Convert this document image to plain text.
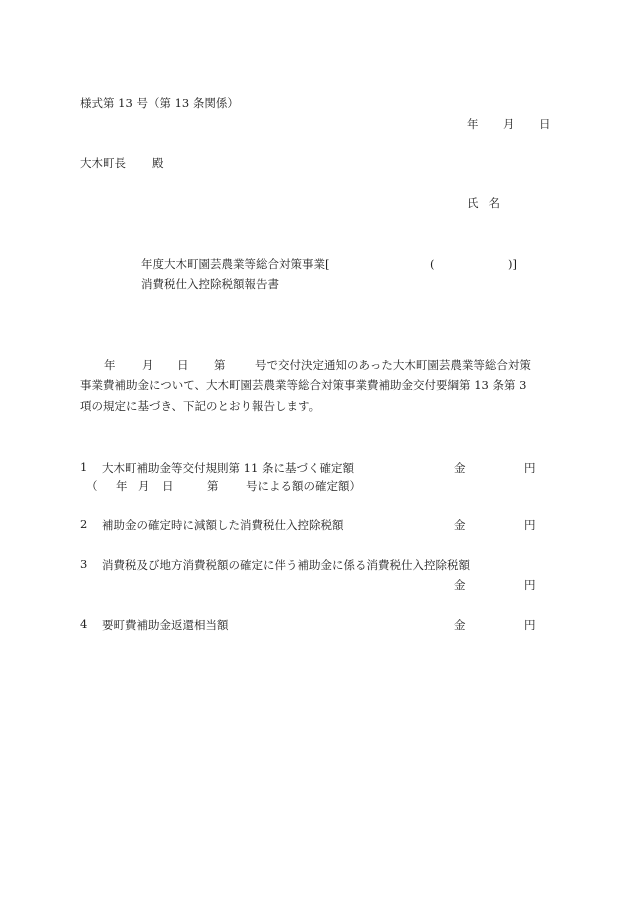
様式第 13 号（第 13 条関係）
年 月 日
大木町長 殿
氏 名
年度大木町園芸農業等総合対策事業[	(	)]
消費税仕入控除税額報告書
年 月 日 第	号で交付決定通知のあった大木町園芸農業等総合対策
事業費補助金について、大木町園芸農業等総合対策事業費補助金交付要綱第 13 条第 3
項の規定に基づき、下記のとおり報告します。
1 大木町補助金等交付規則第 11 条に基づく確定額	金	円
（ 年 月 日	第 号による額の確定額）
2 補助金の確定時に減額した消費税仕入控除税額	金	円
3 消費税及び地方消費税額の確定に伴う補助金に係る消費税仕入控除税額
金	円
4 要町費補助金返還相当額	金	円
